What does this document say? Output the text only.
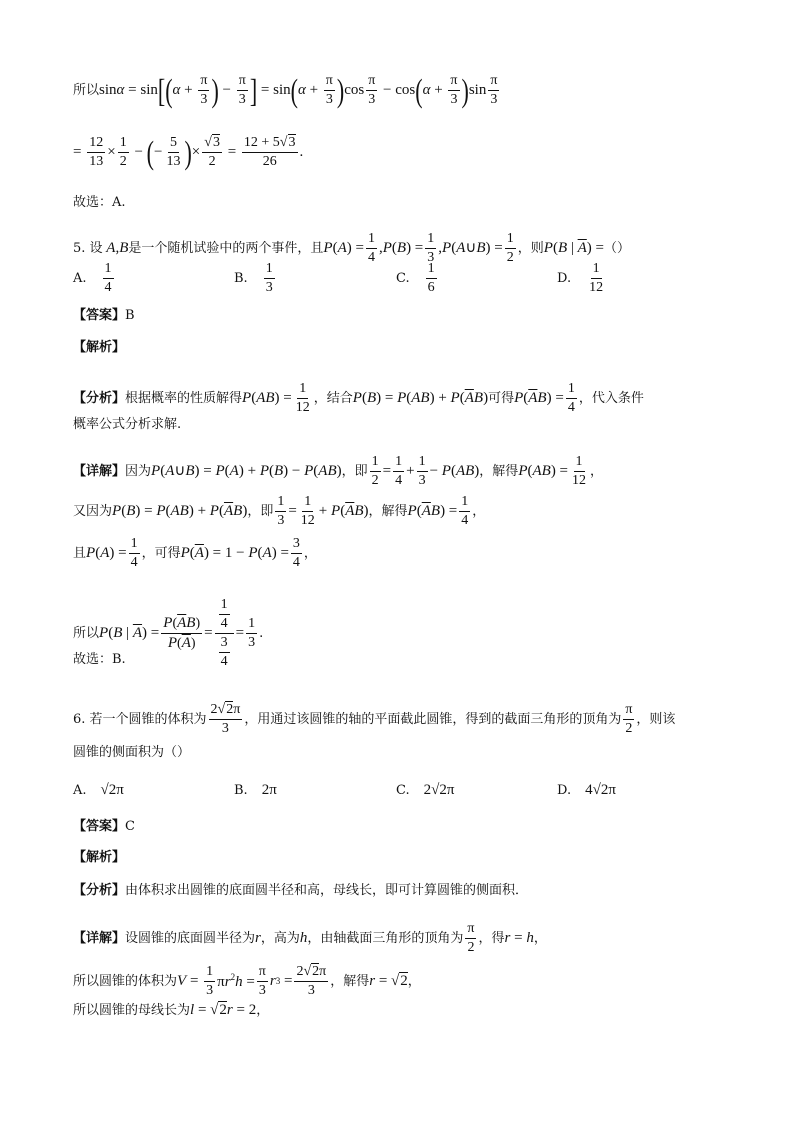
所以 sinα = sin [ ( $\alpha + \frac{\pi}{3}$ ) − $\frac{\pi}{3}$ ] = sin ( $\alpha + \frac{\pi}{3}$ ) cos
π
3
− cos ( $\alpha + \frac{\pi}{3}$ ) sin
π
3
= $\frac{12}{13} \times \frac{1}{2}$ − ( − $\frac{5}{13}$ ) × $\frac{√3}{2} = \frac{12 + 5√3}{26}$ .
故选：A.
5. 设 A , B 是一个随机试验中的两个事件，且 P ( A ) = $\frac{1}{4}$ , P ( B ) = $\frac{1}{3}$ , P ( A ∪ B ) = $\frac{1}{2}$ ，则 P ( B | $\overline{A}$ ) = （）
A. $\frac{1}{4}$	B. $\frac{1}{3}$	C. $\frac{1}{6}$	D. $\frac{1}{12}$
【答案】 B
【解析】
【分析】 根据概率的性质解得 P ( AB ) = $\frac{1}{12}$ ，结合 P ( B ) = P ( AB ) + P ( $\overline{A}$ B ) 可得 P ( $\overline{A}$ B ) = $\frac{1}{4}$ ，代入条件
概率公式分析求解.
【详解】 因为 P ( A ∪ B ) = P ( A ) + P ( B ) − P ( AB ) ，即 $\frac{1}{2} = \frac{1}{4} + \frac{1}{3} - P$ ( AB ) ，解得 P ( AB ) = $\frac{1}{12}$ ，
又因为 P ( B ) = P ( AB ) + P ( $\overline{A}$ B ) ，即 $\frac{1}{3} = \frac{1}{12} + P$ ( $\overline{A}$ B ) ，解得 P ( $\overline{A}$ B ) = $\frac{1}{4}$ ，
且 P ( A ) = $\frac{1}{4}$ ，可得 P ( $\overline{A}$ ) = 1 − P ( A ) = $\frac{3}{4}$ ，
所以 P ( B | $\overline{A}$ ) = $\frac{P(\overline{A}B)}{P(\overline{A})} = \frac{\frac{1}{4}}{\frac{3}{4}} = \frac{1}{3}$ .
故选：B.
6. 若一个圆锥的体积为
2√2π
3
，用通过该圆锥的轴的平面截此圆锥，得到的截面三角形的顶角为
π
2
，则该
圆锥的侧面积为（）
A. √2π	B. 2π	C. 2√2π	D. 4√2π
【答案】 C
【解析】
【分析】 由体积求出圆锥的底面圆半径和高，母线长，即可计算圆锥的侧面积．
【详解】 设圆锥的底面圆半径为 r ，高为 h ，由轴截面三角形的顶角为
π
2
，得 r = h ，
所以圆锥的体积为 $V = \frac{1}{3} \pi r^2h = \frac{\pi}{3}$ r $3 = \frac{2√2\pi}{3}$ ，解得 r = √2 ，
所以圆锥的母线长为 l = √2r = 2 ，
